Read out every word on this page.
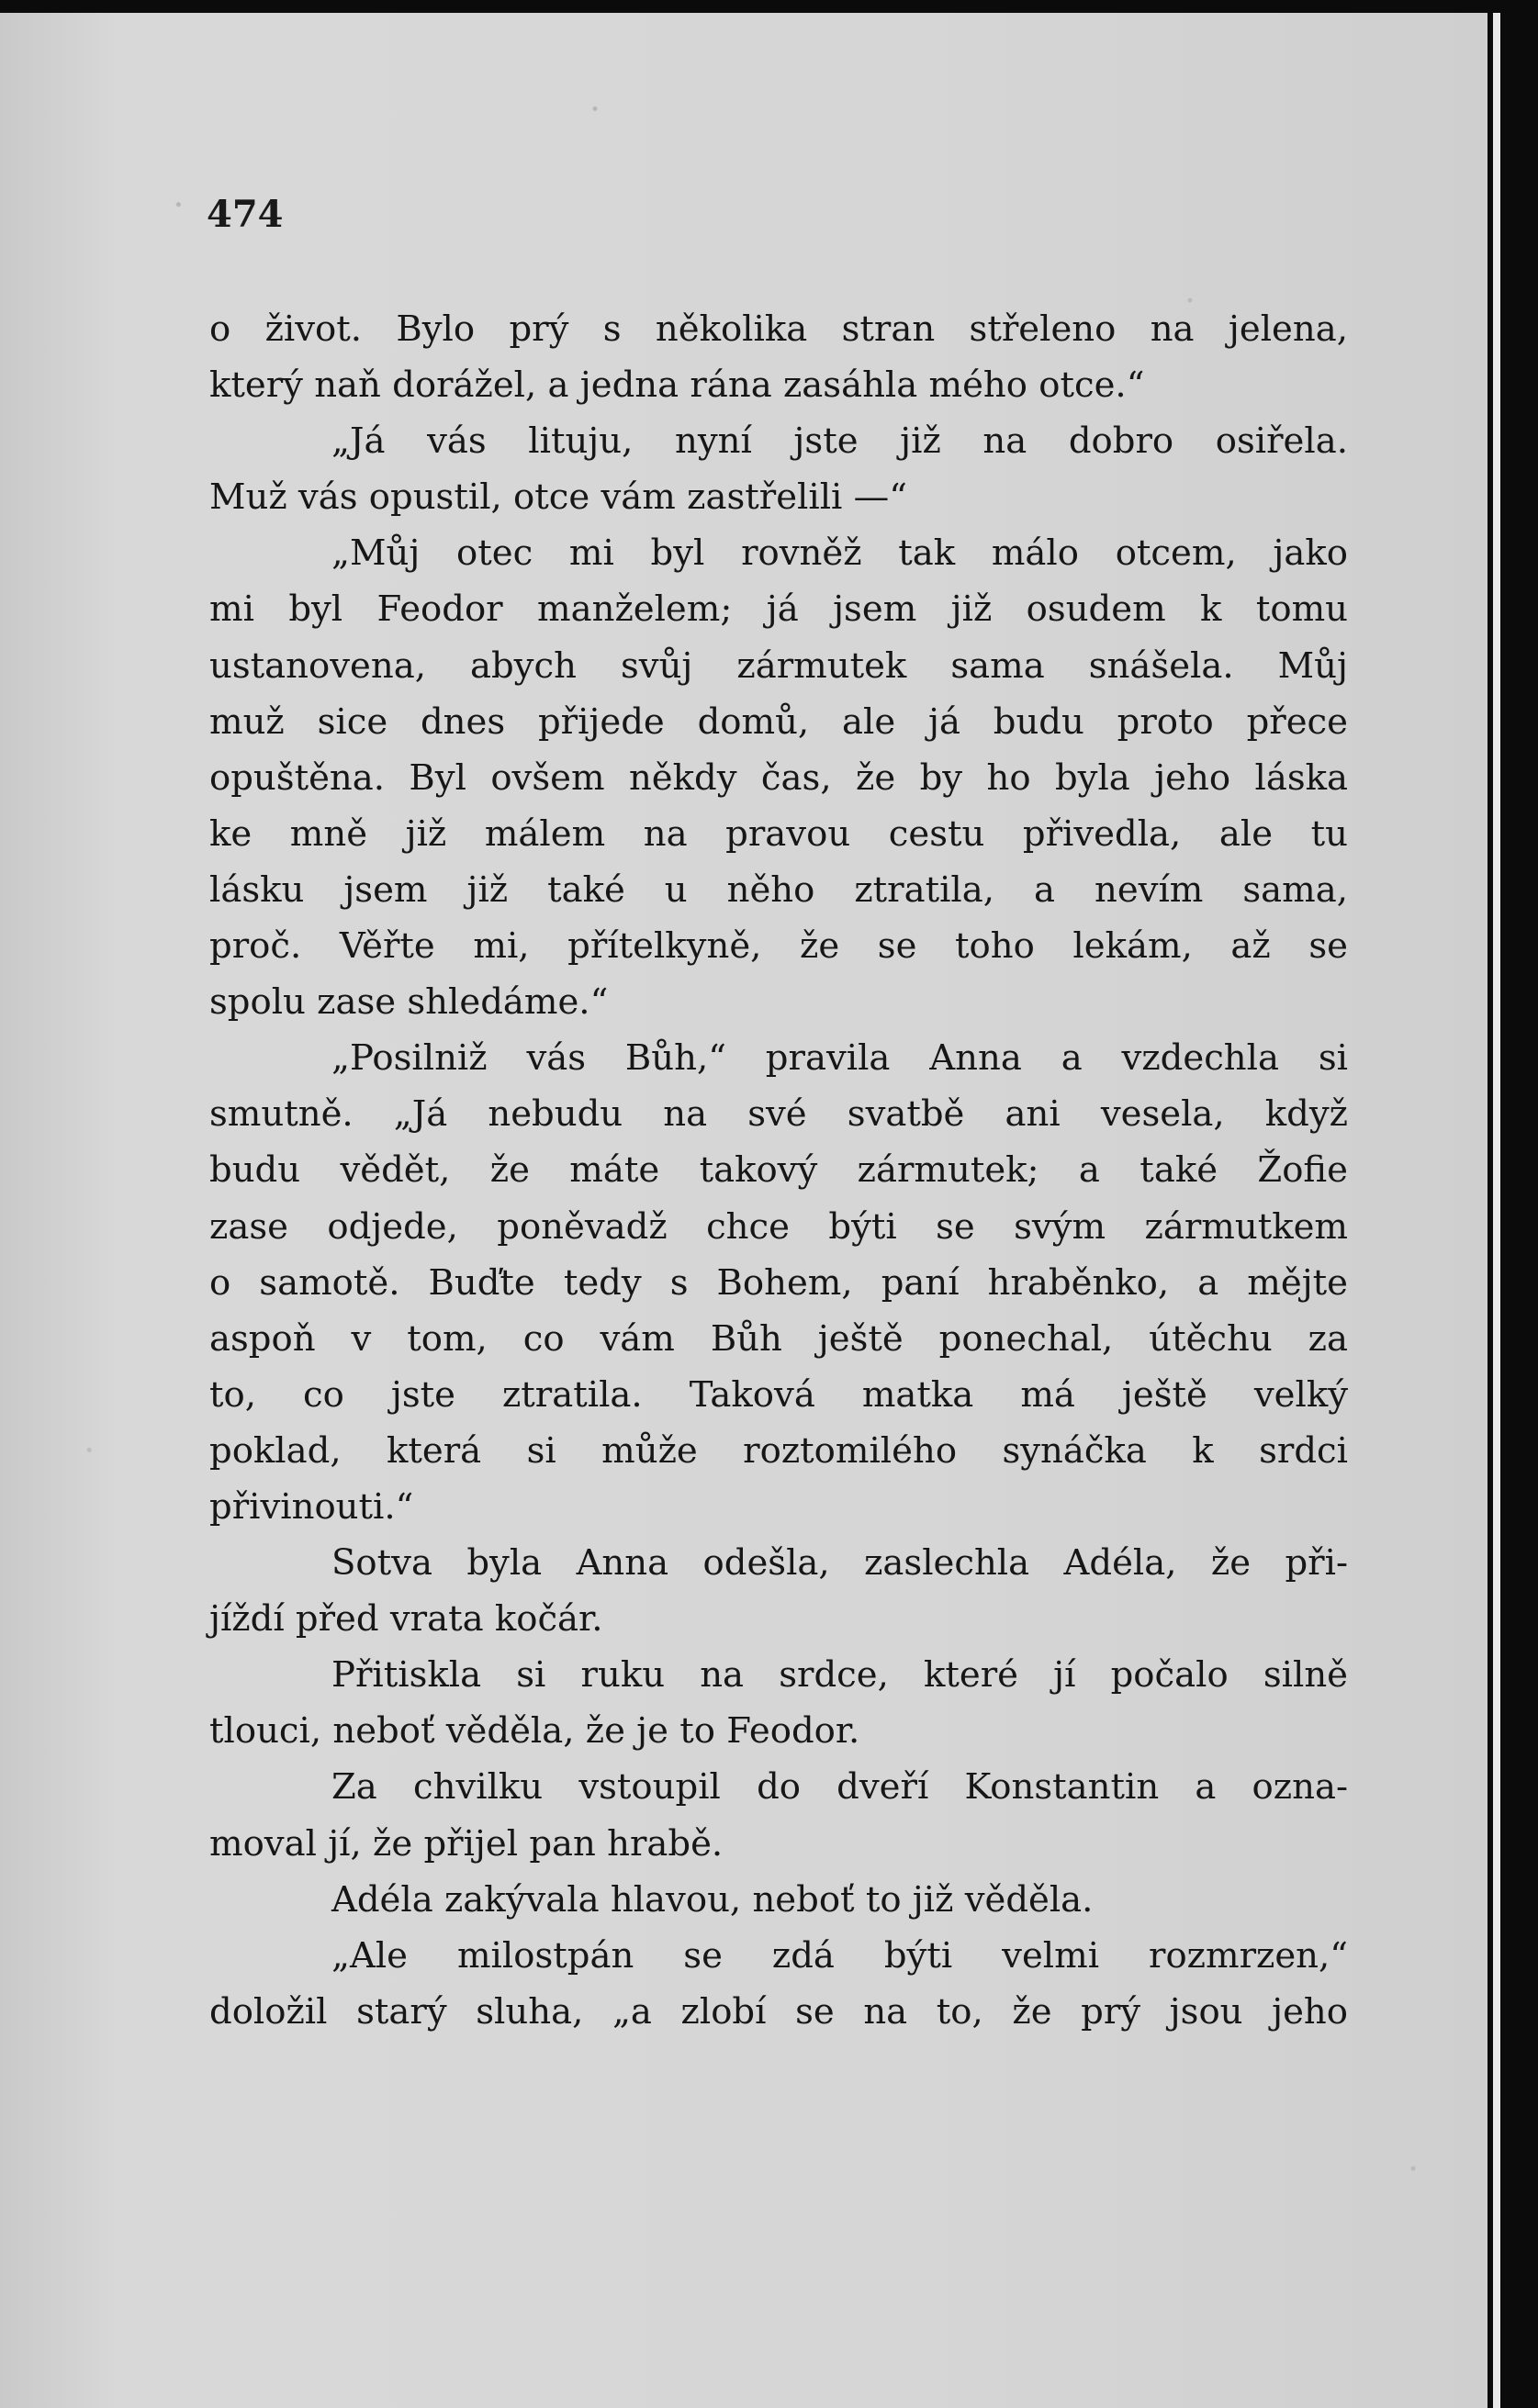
474
o život. Bylo prý s několika stran střeleno na jelena,
který naň dorážel, a jedna rána zasáhla mého otce.“
„Já vás lituju, nyní jste již na dobro osiřela.
Muž vás opustil, otce vám zastřelili —“
„Můj otec mi byl rovněž tak málo otcem, jako
mi byl Feodor manželem; já jsem již osudem k tomu
ustanovena, abych svůj zármutek sama snášela. Můj
muž sice dnes přijede domů, ale já budu proto přece
opuštěna. Byl ovšem někdy čas, že by ho byla jeho láska
ke mně již málem na pravou cestu přivedla, ale tu
lásku jsem již také u něho ztratila, a nevím sama,
proč. Věřte mi, přítelkyně, že se toho lekám, až se
spolu zase shledáme.“
„Posilniž vás Bůh,“ pravila Anna a vzdechla si
smutně. „Já nebudu na své svatbě ani vesela, když
budu vědět, že máte takový zármutek; a také Žofie
zase odjede, poněvadž chce býti se svým zármutkem
o samotě. Buďte tedy s Bohem, paní hraběnko, a mějte
aspoň v tom, co vám Bůh ještě ponechal, útěchu za
to, co jste ztratila. Taková matka má ještě velký
poklad, která si může roztomilého synáčka k srdci
přivinouti.“
Sotva byla Anna odešla, zaslechla Adéla, že při-
jíždí před vrata kočár.
Přitiskla si ruku na srdce, které jí počalo silně
tlouci, neboť věděla, že je to Feodor.
Za chvilku vstoupil do dveří Konstantin a ozna-
moval jí, že přijel pan hrabě.
Adéla zakývala hlavou, neboť to již věděla.
„Ale milostpán se zdá býti velmi rozmrzen,“
doložil starý sluha, „a zlobí se na to, že prý jsou jeho
